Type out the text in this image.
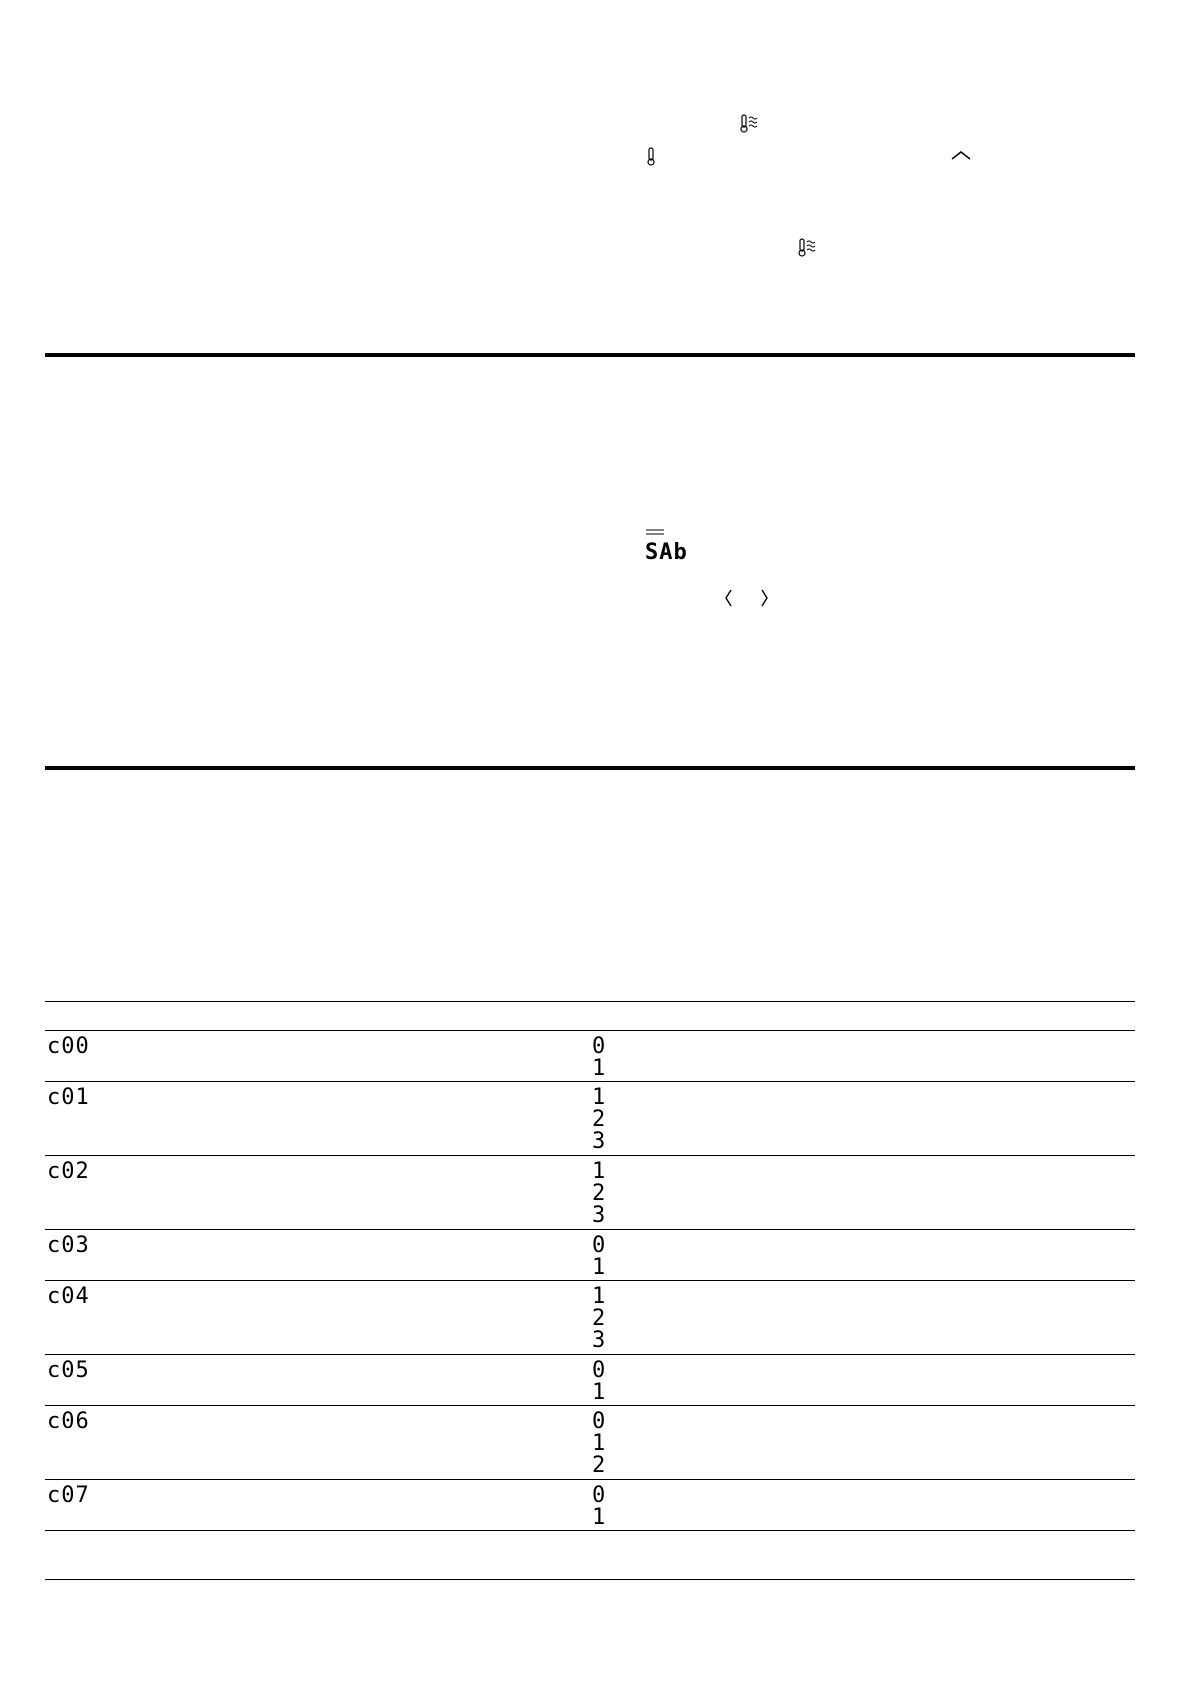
SAb
c00	0
1
c01	1
2
3
c02	1
2
3
c03	0
1
c04	1
2
3
c05	0
1
c06	0
1
2
c07	0
1
